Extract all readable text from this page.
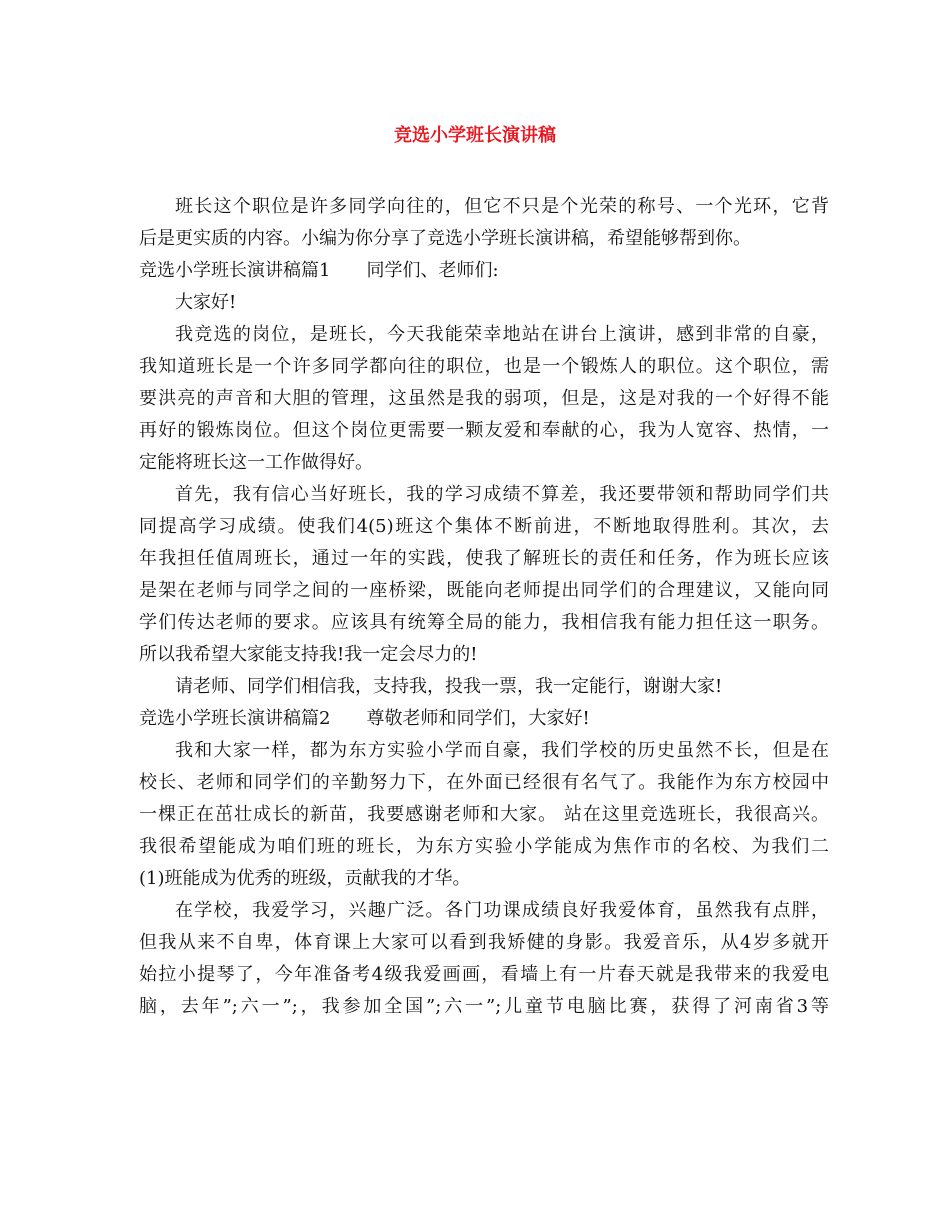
竞选小学班长演讲稿
班长这个职位是许多同学向往的，但它不只是个光荣的称号、一个光环，它背
后是更实质的内容。小编为你分享了竞选小学班长演讲稿，希望能够帮到你。
竞选小学班长演讲稿篇1 同学们、老师们:
大家好!
我竞选的岗位，是班长，今天我能荣幸地站在讲台上演讲，感到非常的自豪，
我知道班长是一个许多同学都向往的职位，也是一个锻炼人的职位。这个职位，需
要洪亮的声音和大胆的管理，这虽然是我的弱项，但是，这是对我的一个好得不能
再好的锻炼岗位。但这个岗位更需要一颗友爱和奉献的心，我为人宽容、热情，一
定能将班长这一工作做得好。
首先，我有信心当好班长，我的学习成绩不算差，我还要带领和帮助同学们共
同提高学习成绩。使我们4(5)班这个集体不断前进，不断地取得胜利。其次，去
年我担任值周班长，通过一年的实践，使我了解班长的责任和任务，作为班长应该
是架在老师与同学之间的一座桥梁，既能向老师提出同学们的合理建议，又能向同
学们传达老师的要求。应该具有统筹全局的能力，我相信我有能力担任这一职务。
所以我希望大家能支持我!我一定会尽力的!
请老师、同学们相信我，支持我，投我一票，我一定能行，谢谢大家!
竞选小学班长演讲稿篇2 尊敬老师和同学们，大家好!
我和大家一样，都为东方实验小学而自豪，我们学校的历史虽然不长，但是在
校长、老师和同学们的辛勤努力下，在外面已经很有名气了。我能作为东方校园中
一棵正在茁壮成长的新苗，我要感谢老师和大家。 站在这里竞选班长，我很高兴。
我很希望能成为咱们班的班长，为东方实验小学能成为焦作市的名校、为我们二
(1)班能成为优秀的班级，贡献我的才华。
在学校，我爱学习，兴趣广泛。各门功课成绩良好我爱体育，虽然我有点胖，
但我从来不自卑，体育课上大家可以看到我矫健的身影。我爱音乐，从4岁多就开
始拉小提琴了，今年准备考4级我爱画画，看墙上有一片春天就是我带来的我爱电
脑，去年”;六一”;，我参加全国”;六一”;儿童节电脑比赛，获得了河南省3等
